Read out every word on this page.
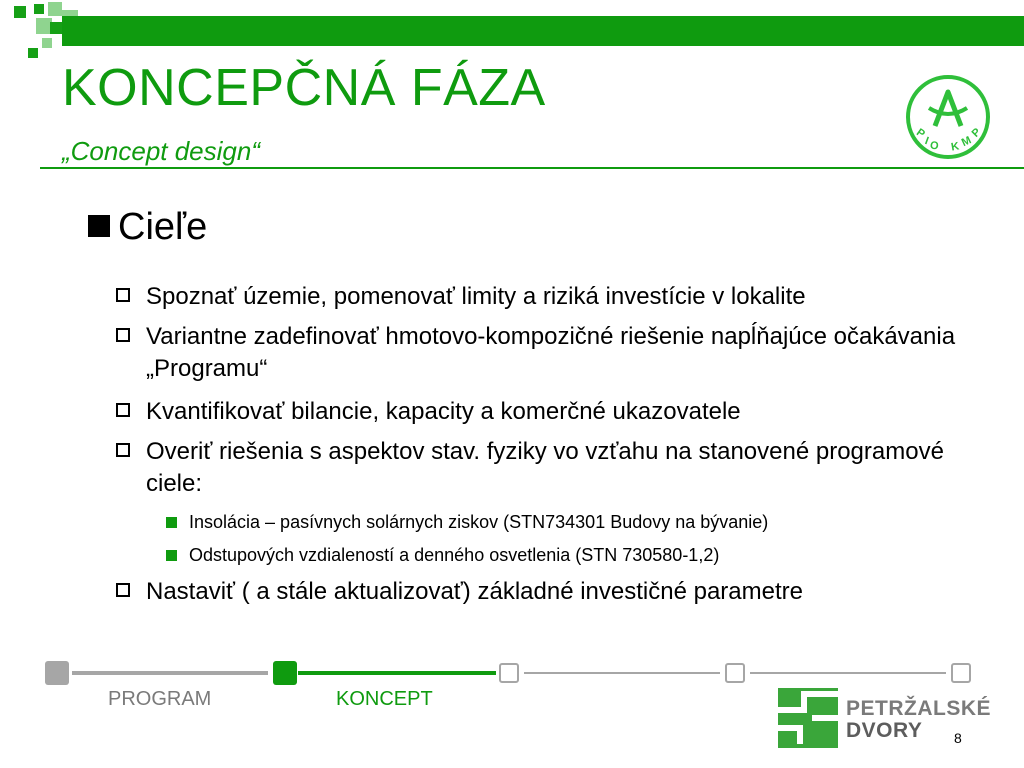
KONCEPČNÁ FÁZA
„Concept design“
P
I
O K M
P
Cieľe
Spoznať územie, pomenovať limity a riziká investície v lokalite
Variantne zadefinovať hmotovo-kompozičné riešenie napĺňajúce očakávania „Programu“
Kvantifikovať bilancie, kapacity a komerčné ukazovatele
Overiť riešenia s aspektov stav. fyziky vo vzťahu na stanovené programové ciele:
Insolácia – pasívnych solárnych ziskov (STN734301 Budovy na bývanie)
Odstupových vzdialeností a denného osvetlenia (STN 730580-1,2)
Nastaviť ( a stále aktualizovať) základné investičné parametre
PROGRAM	KONCEPT	PETRŽALSKÉ
DVORY 8
